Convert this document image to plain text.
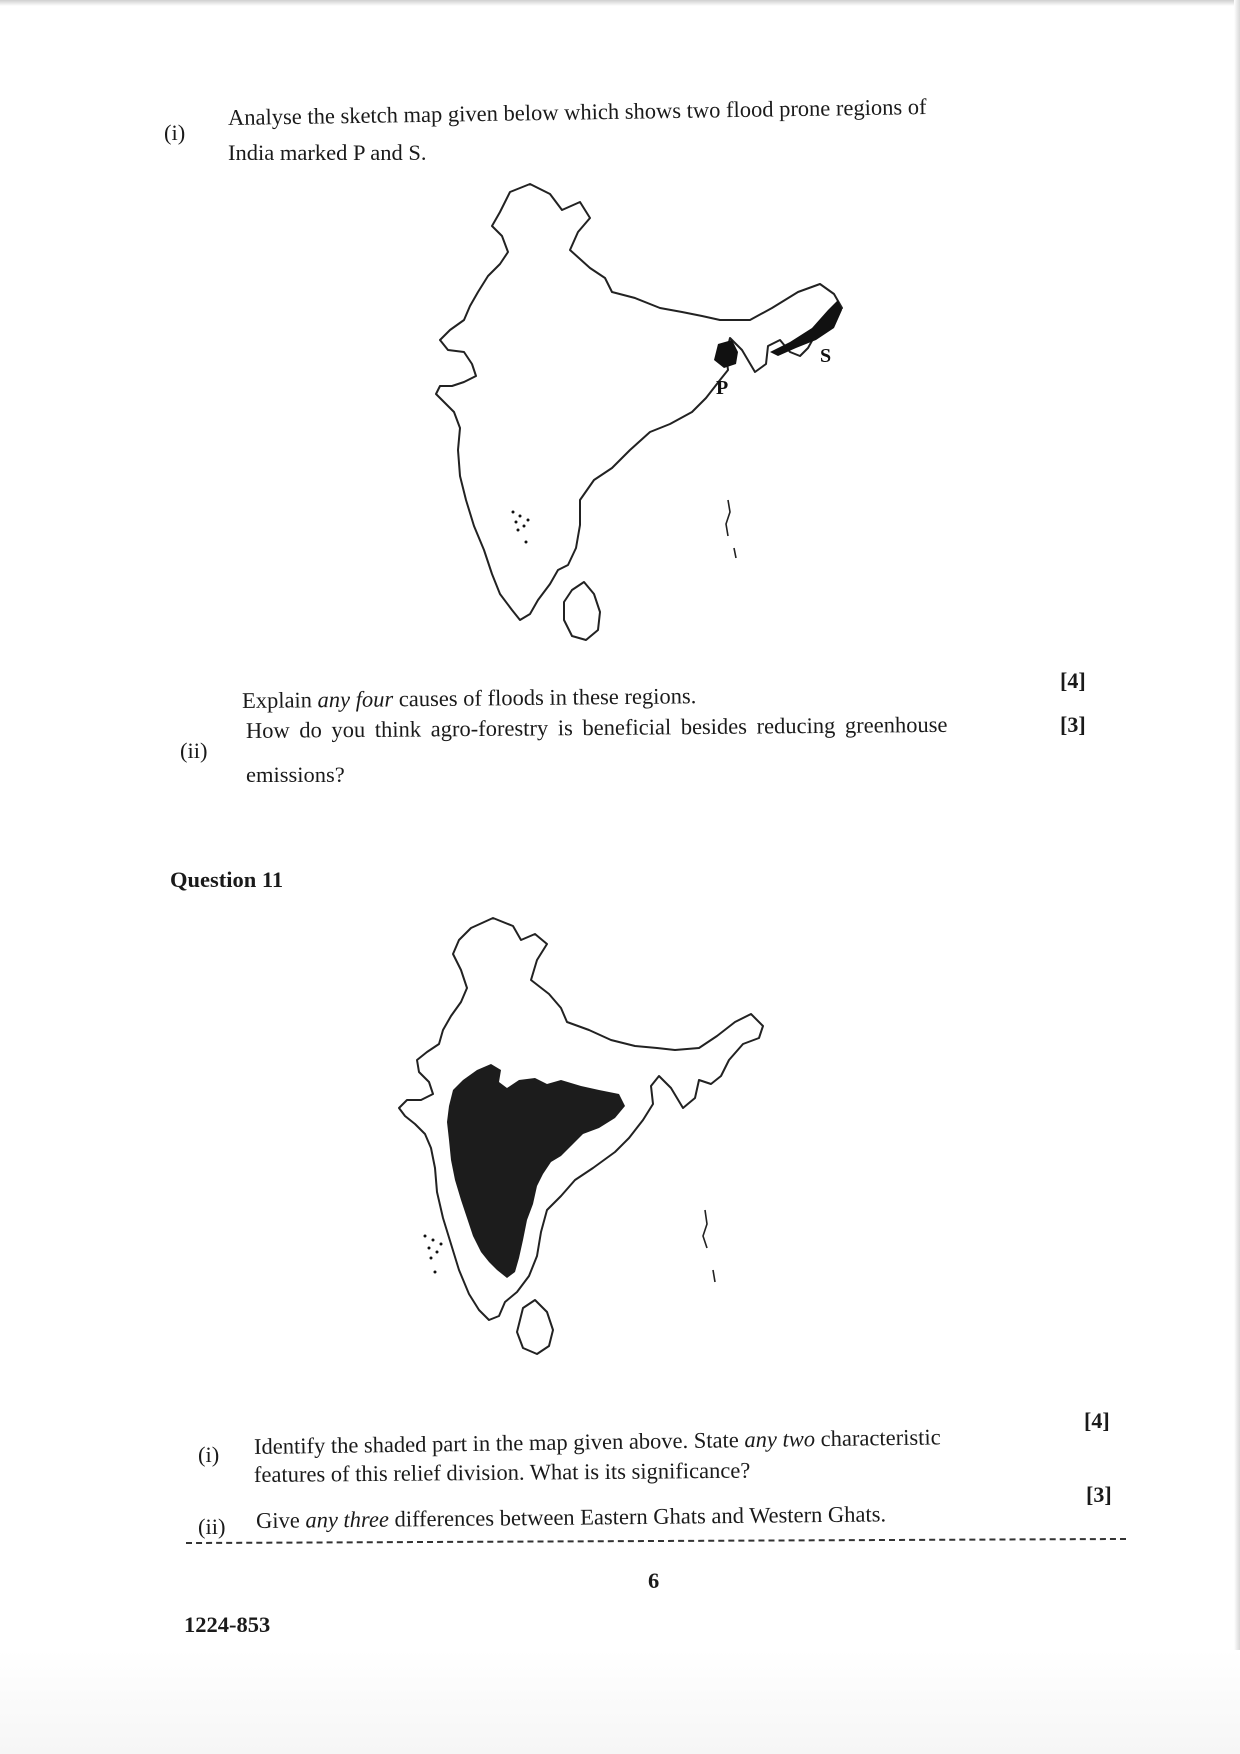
(i)
Analyse the sketch map given below which shows two flood prone regions of
India marked P and S.
P
S
Explain any four causes of floods in these regions.
[4]
(ii)
How do you think agro-forestry is beneficial besides reducing greenhouse
emissions?
[3]
Question 11
(i) Identify the shaded part in the map given above. State any two characteristic
features of this relief division. What is its significance?
[4]
(ii) Give any three differences between Eastern Ghats and Western Ghats.
[3]
6
1224-853
